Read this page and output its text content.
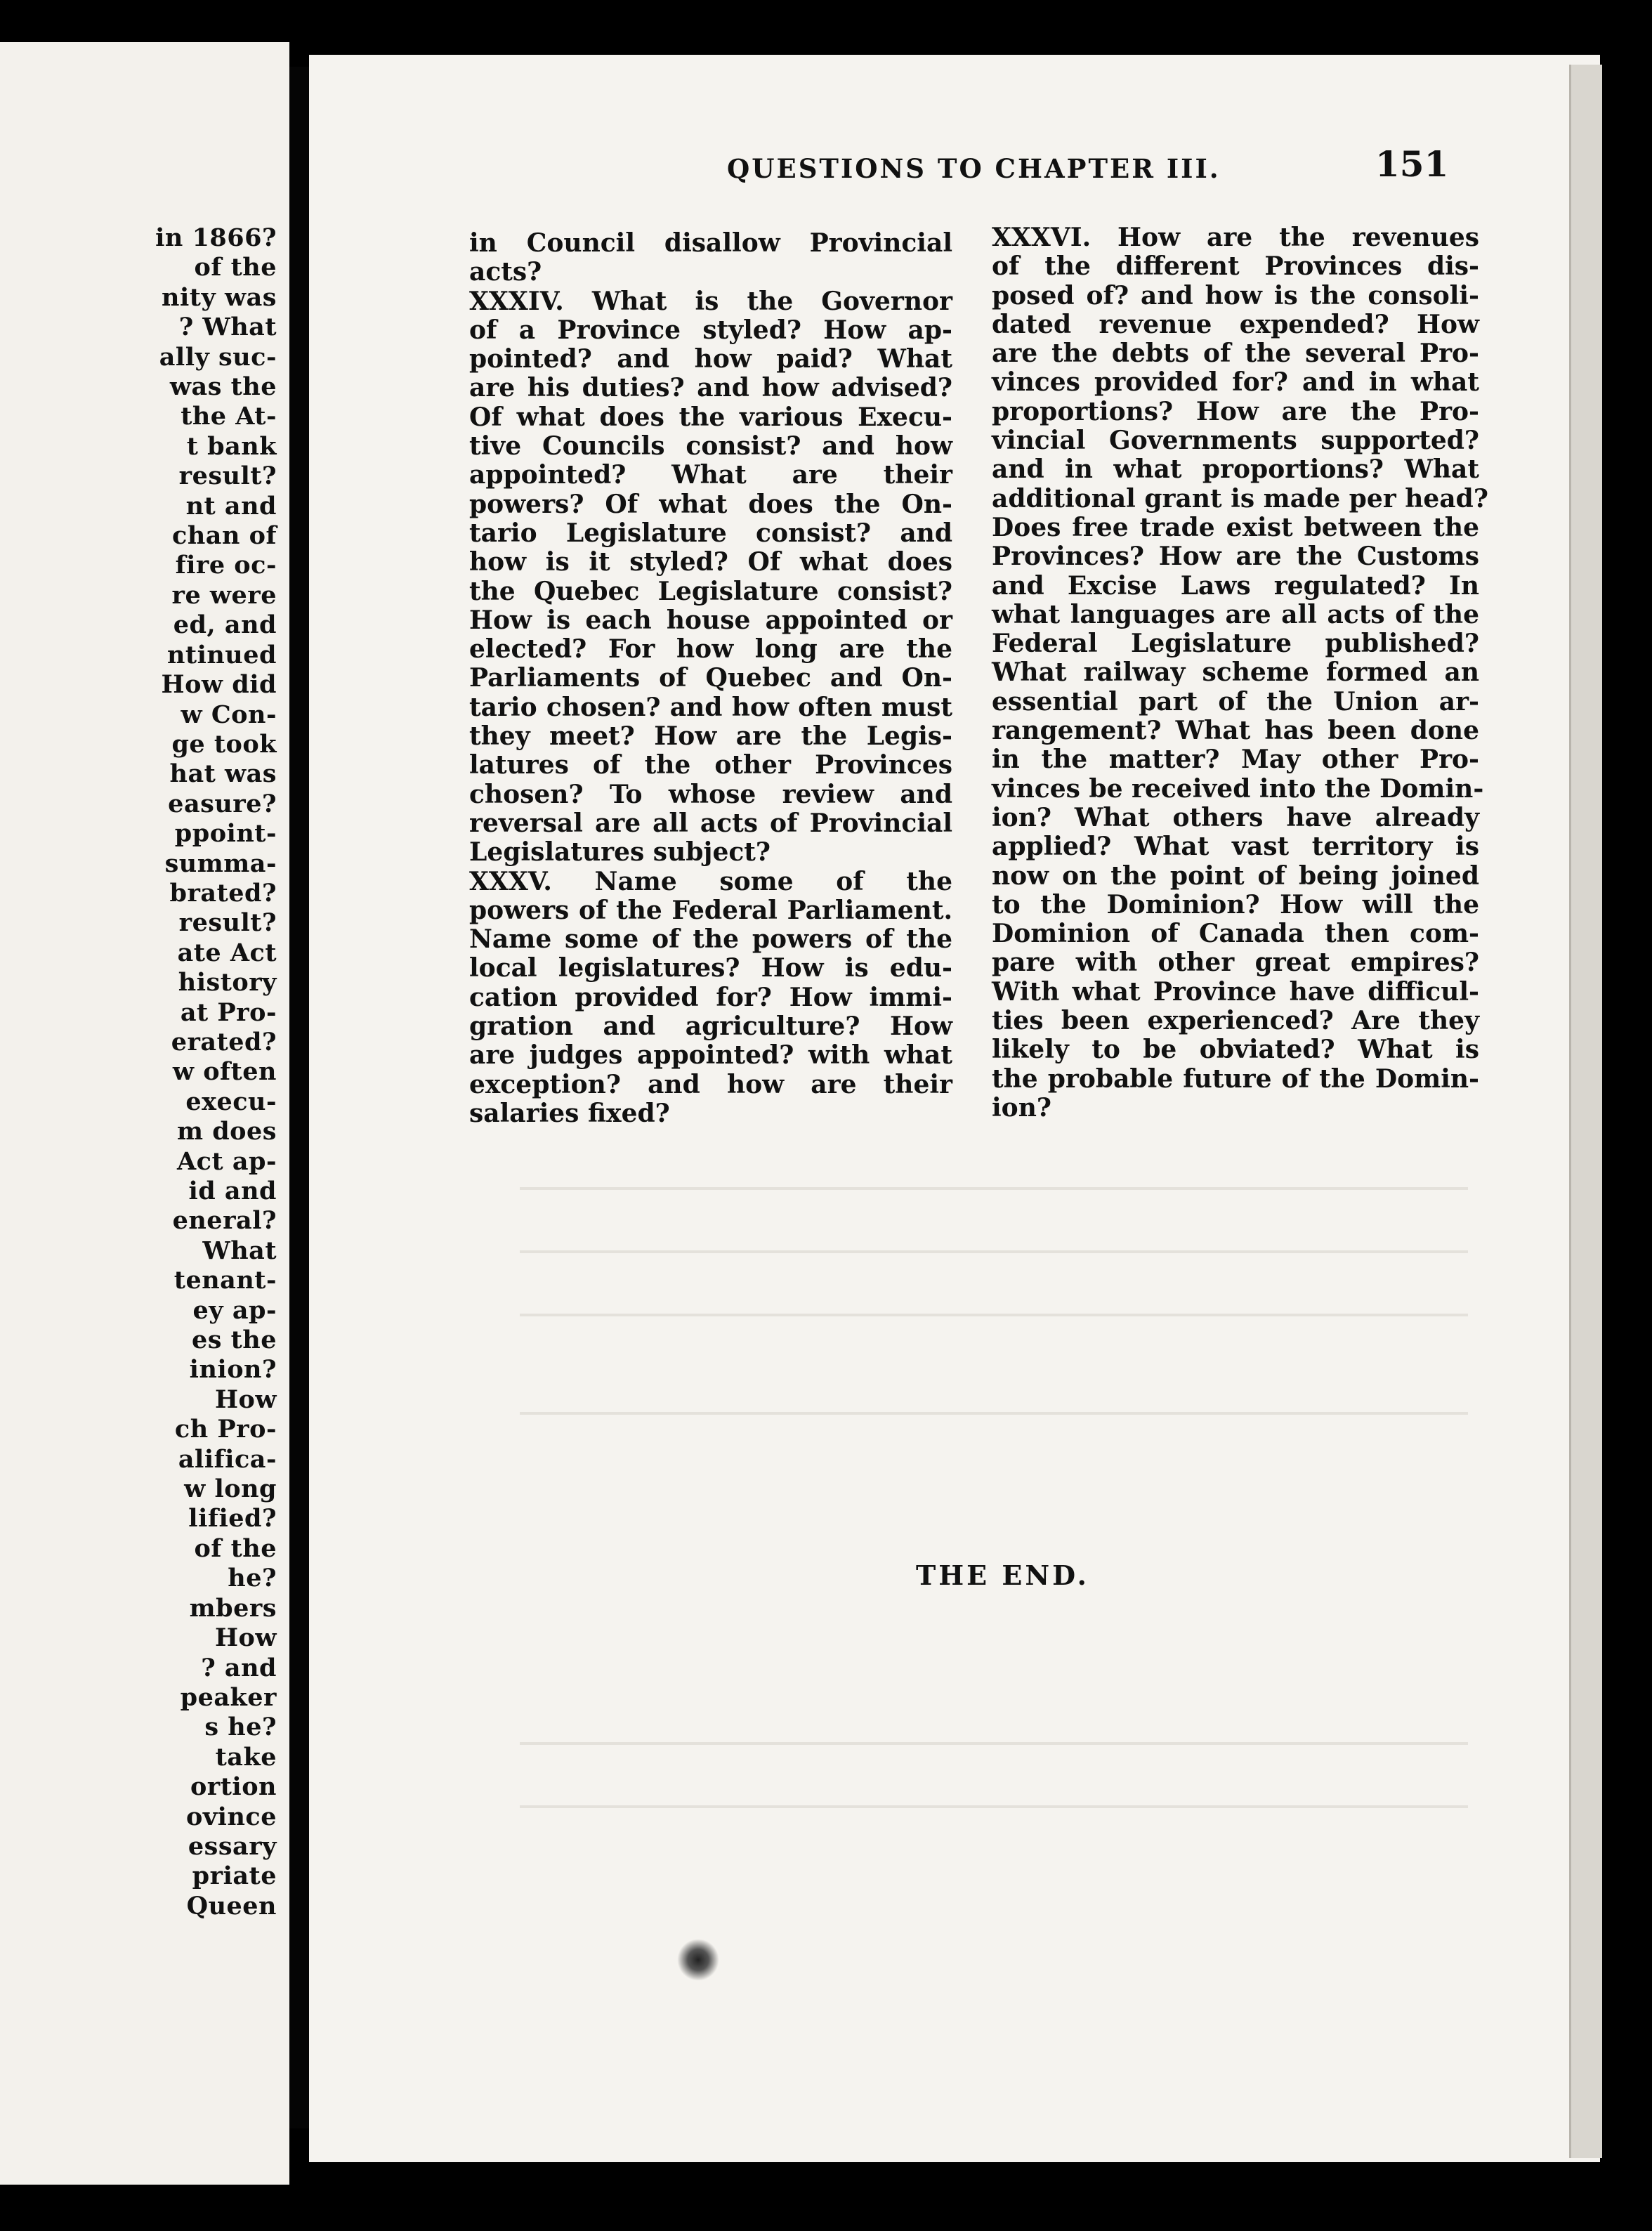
in 1866?
of the
nity was
? What
ally suc-
was the
the At-
t bank
result?
nt and
chan of
fire oc-
re were
ed, and
ntinued
How did
w Con-
ge took
hat was
easure?
ppoint-
summa-
brated?
result?
ate Act
history
at Pro-
erated?
w often
execu-
m does
Act ap-
id and
eneral?
What
tenant-
ey ap-
es the
inion?
How
ch Pro-
alifica-
w long
lified?
of the
he?
mbers
How
? and
peaker
s he?
take
ortion
ovince
essary
priate
Queen
QUESTIONS TO CHAPTER III.	151
in Council disallow Provincial
acts?
XXXIV. What is the Governor
of a Province styled? How ap-
pointed? and how paid? What
are his duties? and how advised?
Of what does the various Execu-
tive Councils consist? and how
appointed? What are their
powers? Of what does the On-
tario Legislature consist? and
how is it styled? Of what does
the Quebec Legislature consist?
How is each house appointed or
elected? For how long are the
Parliaments of Quebec and On-
tario chosen? and how often must
they meet? How are the Legis-
latures of the other Provinces
chosen? To whose review and
reversal are all acts of Provincial
Legislatures subject?
XXXV. Name some of the
powers of the Federal Parliament.
Name some of the powers of the
local legislatures? How is edu-
cation provided for? How immi-
gration and agriculture? How
are judges appointed? with what
exception? and how are their
salaries fixed?
XXXVI. How are the revenues
of the different Provinces dis-
posed of? and how is the consoli-
dated revenue expended? How
are the debts of the several Pro-
vinces provided for? and in what
proportions? How are the Pro-
vincial Governments supported?
and in what proportions? What
additional grant is made per head?
Does free trade exist between the
Provinces? How are the Customs
and Excise Laws regulated? In
what languages are all acts of the
Federal Legislature published?
What railway scheme formed an
essential part of the Union ar-
rangement? What has been done
in the matter? May other Pro-
vinces be received into the Domin-
ion? What others have already
applied? What vast territory is
now on the point of being joined
to the Dominion? How will the
Dominion of Canada then com-
pare with other great empires?
With what Province have difficul-
ties been experienced? Are they
likely to be obviated? What is
the probable future of the Domin-
ion?
THE END.
